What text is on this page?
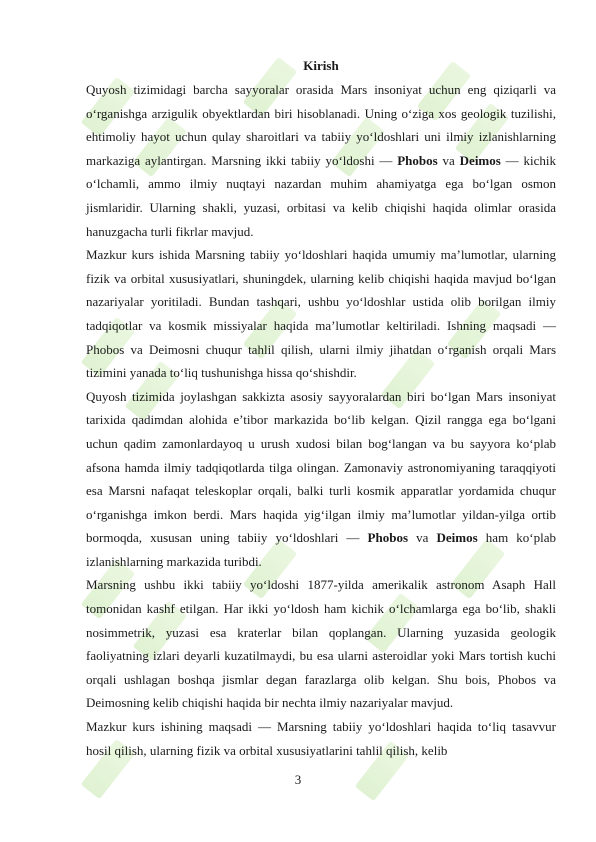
Kirish

Quyosh tizimidagi barcha sayyoralar orasida Mars insoniyat uchun eng qiziqarli va o‘rganishga arzigulik obyektlardan biri hisoblanadi. Uning o‘ziga xos geologik tuzilishi, ehtimoliy hayot uchun qulay sharoitlari va tabiiy yo‘ldoshlari uni ilmiy izlanishlarning markaziga aylantirgan. Marsning ikki tabiiy yo‘ldoshi — Phobos va Deimos — kichik o‘lchamli, ammo ilmiy nuqtayi nazardan muhim ahamiyatga ega bo‘lgan osmon jismlaridir. Ularning shakli, yuzasi, orbitasi va kelib chiqishi haqida olimlar orasida hanuzgacha turli fikrlar mavjud.

Mazkur kurs ishida Marsning tabiiy yo‘ldoshlari haqida umumiy ma’lumotlar, ularning fizik va orbital xususiyatlari, shuningdek, ularning kelib chiqishi haqida mavjud bo‘lgan nazariyalar yoritiladi. Bundan tashqari, ushbu yo‘ldoshlar ustida olib borilgan ilmiy tadqiqotlar va kosmik missiyalar haqida ma’lumotlar keltiriladi. Ishning maqsadi — Phobos va Deimosni chuqur tahlil qilish, ularni ilmiy jihatdan o‘rganish orqali Mars tizimini yanada to‘liq tushunishga hissa qo‘shishdir.

Quyosh tizimida joylashgan sakkizta asosiy sayyoralardan biri bo‘lgan Mars insoniyat tarixida qadimdan alohida e’tibor markazida bo‘lib kelgan. Qizil rangga ega bo‘lgani uchun qadim zamonlardayoq u urush xudosi bilan bog‘langan va bu sayyora ko‘plab afsona hamda ilmiy tadqiqotlarda tilga olingan. Zamonaviy astronomiyaning taraqqiyoti esa Marsni nafaqat teleskoplar orqali, balki turli kosmik apparatlar yordamida chuqur o‘rganishga imkon berdi. Mars haqida yig‘ilgan ilmiy ma’lumotlar yildan-yilga ortib bormoqda, xususan uning tabiiy yo‘ldoshlari — Phobos va Deimos ham ko‘plab izlanishlarning markazida turibdi.

Marsning ushbu ikki tabiiy yo‘ldoshi 1877-yilda amerikalik astronom Asaph Hall tomonidan kashf etilgan. Har ikki yo‘ldosh ham kichik o‘lchamlarga ega bo‘lib, shakli nosimmetrik, yuzasi esa kraterlar bilan qoplangan. Ularning yuzasida geologik faoliyatning izlari deyarli kuzatilmaydi, bu esa ularni asteroidlar yoki Mars tortish kuchi orqali ushlagan boshqa jismlar degan farazlarga olib kelgan. Shu bois, Phobos va Deimosning kelib chiqishi haqida bir nechta ilmiy nazariyalar mavjud.

Mazkur kurs ishining maqsadi — Marsning tabiiy yo‘ldoshlari haqida to‘liq tasavvur hosil qilish, ularning fizik va orbital xususiyatlarini tahlil qilish, kelib

3
